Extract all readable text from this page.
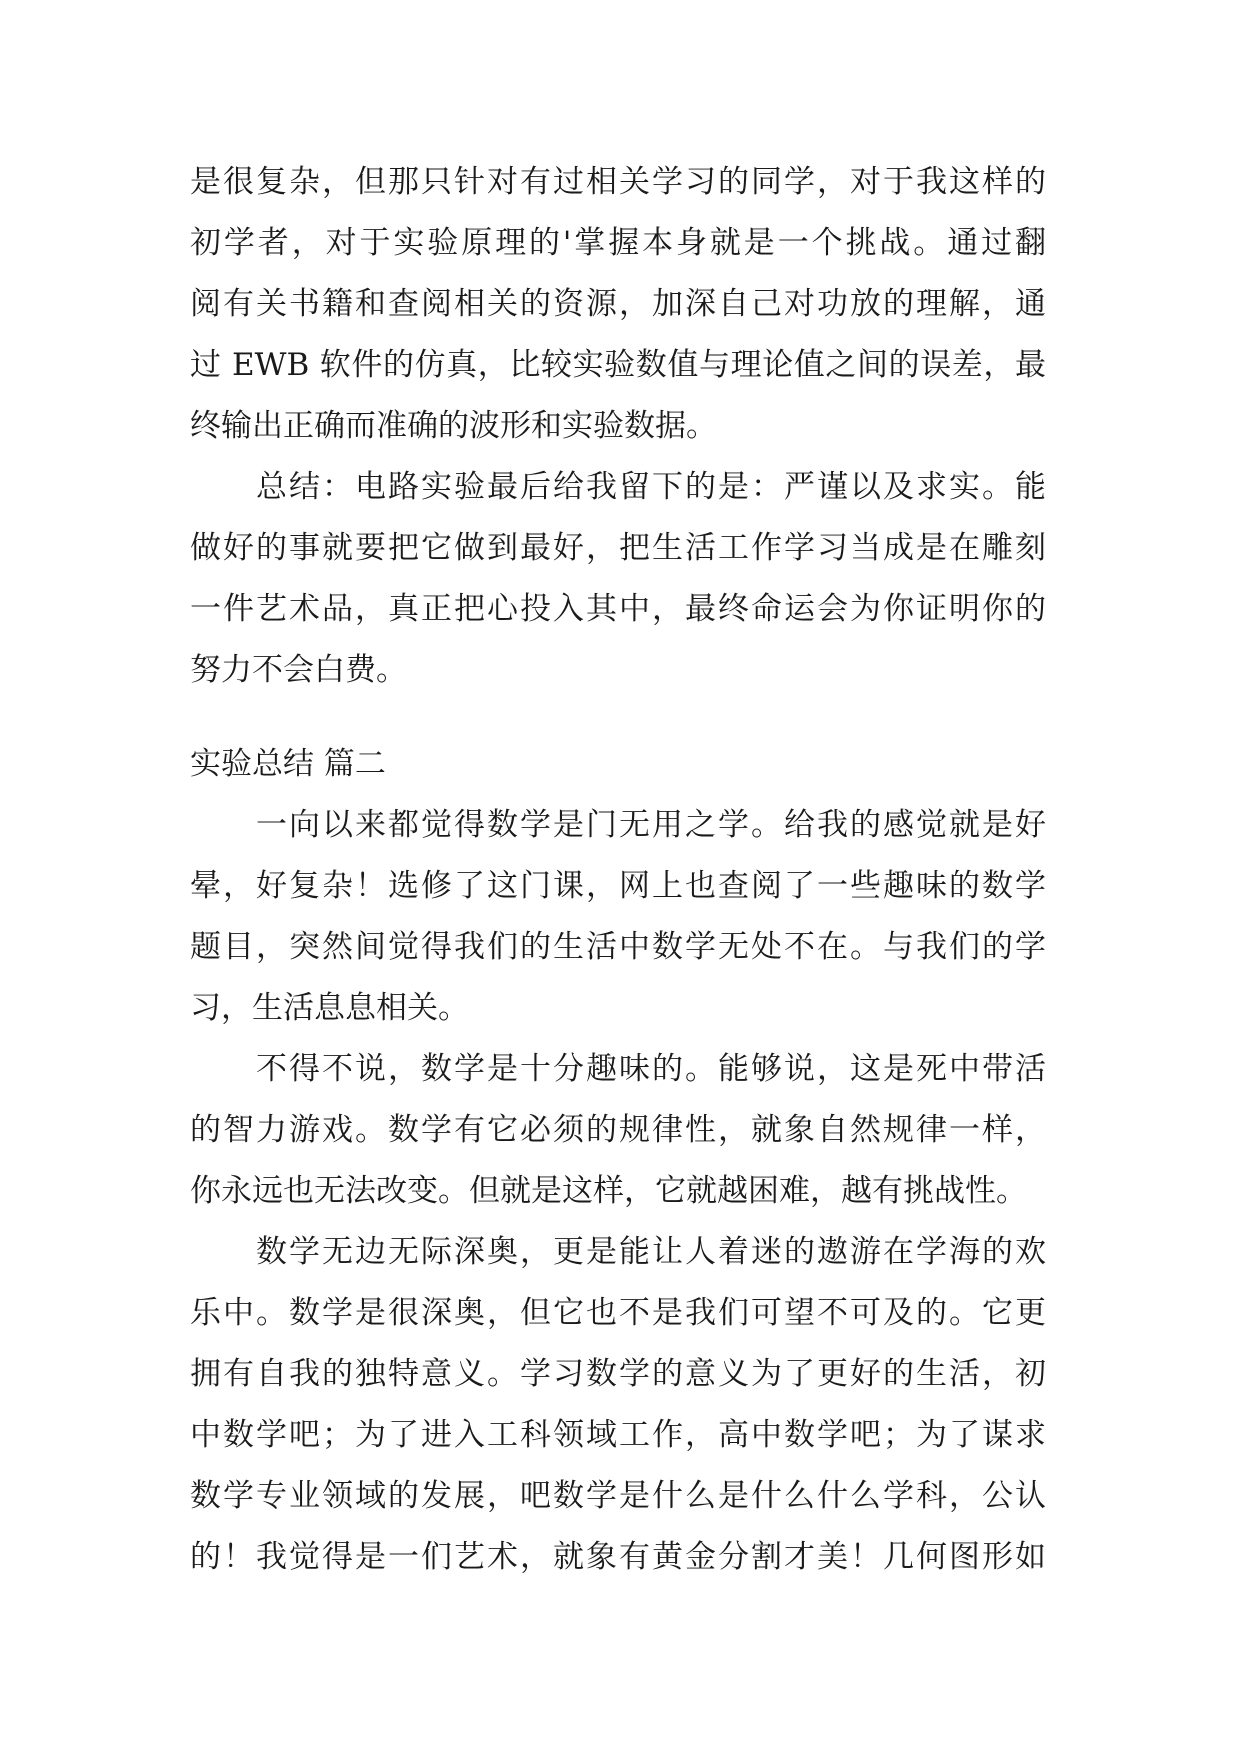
是很复杂，但那只针对有过相关学习的同学，对于我这样的
初学者，对于实验原理的'掌握本身就是一个挑战。通过翻
阅有关书籍和查阅相关的资源，加深自己对功放的理解，通
过 EWB 软件的仿真，比较实验数值与理论值之间的误差，最
终输出正确而准确的波形和实验数据。
　　总结：电路实验最后给我留下的是：严谨以及求实。能
做好的事就要把它做到最好，把生活工作学习当成是在雕刻
一件艺术品，真正把心投入其中，最终命运会为你证明你的
努力不会白费。
实验总结 篇二
　　一向以来都觉得数学是门无用之学。给我的感觉就是好
晕，好复杂！选修了这门课，网上也查阅了一些趣味的数学
题目，突然间觉得我们的生活中数学无处不在。与我们的学
习，生活息息相关。
　　不得不说，数学是十分趣味的。能够说，这是死中带活
的智力游戏。数学有它必须的规律性，就象自然规律一样，
你永远也无法改变。但就是这样，它就越困难，越有挑战性。
　　数学无边无际深奥，更是能让人着迷的遨游在学海的欢
乐中。数学是很深奥，但它也不是我们可望不可及的。它更
拥有自我的独特意义。学习数学的意义为了更好的生活，初
中数学吧；为了进入工科领域工作，高中数学吧；为了谋求
数学专业领域的发展，吧数学是什么是什么什么学科，公认
的！我觉得是一们艺术，就象有黄金分割才美！几何图形如
